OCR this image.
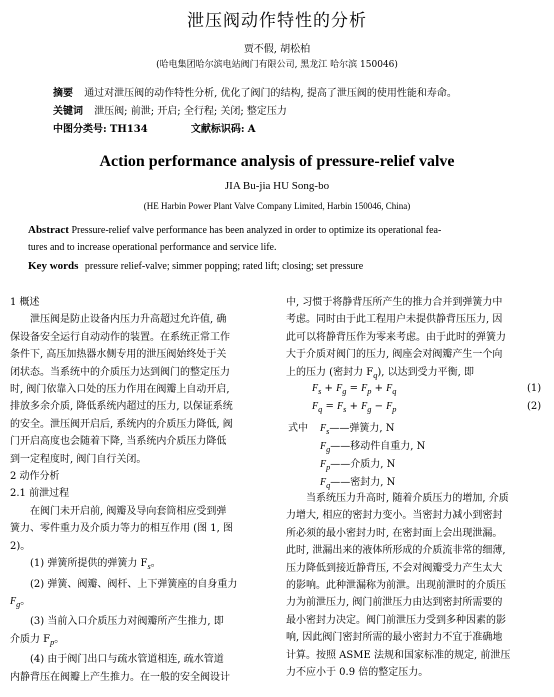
泄压阀动作特性的分析
贾不假, 胡松柏
(哈电集团哈尔滨电站阀门有限公司, 黑龙江 哈尔滨 150046)
摘要 通过对泄压阀的动作特性分析, 优化了阀门的结构, 提高了泄压阀的使用性能和寿命。
关键词 泄压阀; 前泄; 开启; 全行程; 关闭; 整定压力
中图分类号: TH134	文献标识码: A
Action performance analysis of pressure-relief valve
JIA Bu-jia HU Song-bo
(HE Harbin Power Plant Valve Company Limited, Harbin 150046, China)
Abstract Pressure-relief valve performance has been analyzed in order to optimize its operational fea-
tures and to increase operational performance and service life.
Key words pressure relief-valve; simmer popping; rated lift; closing; set pressure

1 概述

泄压阀是防止设备内压力升高超过允许值, 确

保设备安全运行自动动作的装置。在系统正常工作

条件下, 高压加热器水侧专用的泄压阀始终处于关

闭状态。当系统中的介质压力达到阀门的整定压力

时, 阀门依靠入口处的压力作用在阀瓣上自动开启,

排放多余介质, 降低系统内超过的压力, 以保证系统

的安全。泄压阀开启后, 系统内的介质压力降低, 阀

门开启高度也会随着下降, 当系统内介质压力降低

到一定程度时, 阀门自行关闭。

2 动作分析

2.1 前泄过程

在阀门未开启前, 阀瓣及导向套筒相应受到弹

簧力、零件重力及介质力等力的相互作用 (图 1, 图

2)。

(1) 弹簧所提供的弹簧力 $F_s$。

(2) 弹簧、阀瓣、阀杆、上下弹簧座的自身重力

$F_g$。

(3) 当前入口介质压力对阀瓣所产生推力, 即

介质力 $F_p$。

(4) 由于阀门出口与疏水管道相连, 疏水管道

内静背压在阀瓣上产生推力。在一般的安全阀设计

中, 习惯于将静背压所产生的推力合并到弹簧力中

考虑。同时由于此工程用户未提供静背压压力, 因

此可以将静背压作为零来考虑。由于此时的弹簧力

大于介质对阀门的压力, 阀座会对阀瓣产生一个向

上的压力 (密封力 $F_q$), 以达到受力平衡, 即

$F_s + F_g = F_p + F_q$	(1)
$F_q = F_s + F_g - F_p$	(2)
式中 $F_s——$弹簧力, N
$F_g——$移动件自重力, N
$F_p——$介质力, N
$F_q——$密封力, N

当系统压力升高时, 随着介质压力的增加, 介质

力增大, 相应的密封力变小。当密封力减小到密封

所必须的最小密封力时, 在密封面上会出现泄漏。

此时, 泄漏出来的液体所形成的介质流非常的细薄,

压力降低到接近静背压, 不会对阀瓣受力产生太大

的影响。此种泄漏称为前泄。出现前泄时的介质压

力为前泄压力, 阀门前泄压力由达到密封所需要的

最小密封力决定。阀门前泄压力受到多种因素的影

响, 因此阀门密封所需的最小密封力不宜于准确地

计算。按照 ASME 法规和国家标准的规定, 前泄压

力不应小于 0.9 倍的整定压力。
